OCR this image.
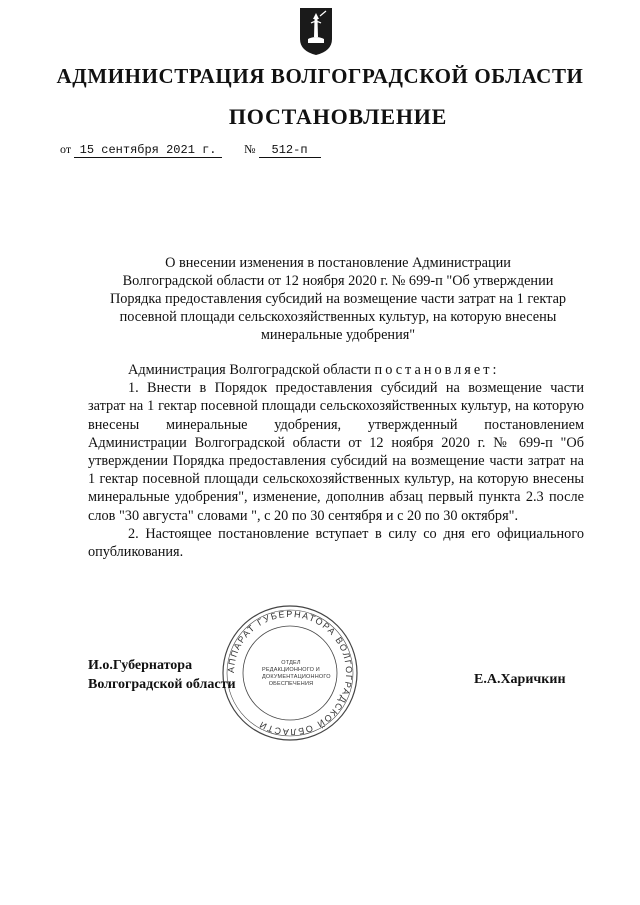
АДМИНИСТРАЦИЯ ВОЛГОГРАДСКОЙ ОБЛАСТИ
ПОСТАНОВЛЕНИЕ
от 15 сентября 2021 г. № 512-п
О внесении изменения в постановление Администрации
Волгоградской области от 12 ноября 2020 г. № 699-п "Об утверждении
Порядка предоставления субсидий на возмещение части затрат на 1 гектар
посевной площади сельскохозяйственных культур, на которую внесены
минеральные удобрения"

Администрация Волгоградской области постановляет:

1. Внести в Порядок предоставления субсидий на возмещение части затрат на 1 гектар посевной площади сельскохозяйственных культур, на которую внесены минеральные удобрения, утвержденный постановлением Администрации Волгоградской области от 12 ноября 2020 г. № 699-п "Об утверждении Порядка предоставления субсидий на возмещение части затрат на 1 гектар посевной площади сельскохозяйственных культур, на которую внесены минеральные удобрения", изменение, дополнив абзац первый пункта 2.3 после слов "30 августа" словами ", с 20 по 30 сентября и с 20 по 30 октября".

2. Настоящее постановление вступает в силу со дня его официального опубликования.

АППАРАТ ГУБЕРНАТОРА ВОЛГОГРАДСКОЙ ОБЛАСТИ
ОТДЕЛ
РЕДАКЦИОННОГО И
ДОКУМЕНТАЦИОННОГО
ОБЕСПЕЧЕНИЯ
И.о.Губернатора
Волгоградской области	Е.А.Харичкин
